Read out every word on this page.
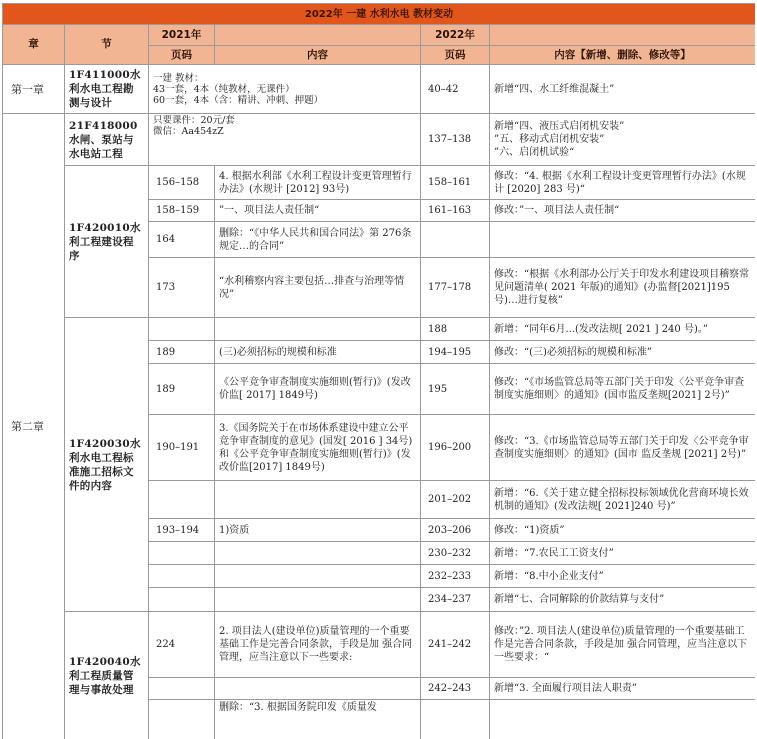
2022年 一建 水利水电 教材变动					
章	节	2021年		2022年	
		页码	内容	页码	内容【新增、删除、修改等】
第一章	1F411000水利水电工程勘测与设计	一建 教材：
43一套，4本（纯教材，无课件）
60一套，4本（含：精讲、冲刺、押题）		40–42	新增“四、水工纤维混凝土”
第二章	21F418000水闸、泵站与水电站工程	只要课件：20元/套
微信：Aa454zZ		137–138	新增“四、液压式启闭机安装”
”五、移动式启闭机安装”
”六、启闭机试验“

	1F420010水利工程建设程序	156–158	4. 根据水利部《水利工程设计变更管理暂行办法》(水规计 [2012] 93号)	158–161	修改：“4. 根据《水利工程设计变更管理暂行办法》(水规计 [2020] 283 号)“
		158–159	”一、项目法人责任制“	161–163	修改：”一、项目法人责任制“
		164	删除：“《中华人民共和国合同法》第 276条规定…的合同”		
		173	“水利稽察内容主要包括…排查与治理等情况”	177–178	修改：“根据《水利部办公厅关于印发水利建设项目稽察常见问题清单( 2021 年版)的通知》(办监督[2021]195 号)…进行复核”
	1F420030水利水电工程标准施工招标文件的内容			188	新增：“同年6月...(发改法规[ 2021 ] 240 号)。”
		189	(三)必须招标的规模和标准	194–195	修改：“(三)必须招标的规模和标准”
		189	《公平竞争审查制度实施细则(暂行)》(发改价监[ 2017] 1849号)	195	修改：“《市场监管总局等五部门关于印发〈公平竞争审查制度实施细则〉的通知》(国市监反垄规[2021] 2号)”
		190–191	3.《国务院关于在市场体系建设中建立公平竞争审查制度的意见》(国发[ 2016 ] 34号)和《公平竞争审查制度实施细则(暂行)》(发改价监[2017] 1849号)	196–200	修改：“3.《市场监管总局等五部门关于印发〈公平竞争审查制度实施细则〉的通知》(国市 监反垄规 [2021] 2号)”
				201–202	新增：“6.《关于建立健全招标投标领域优化营商环境长效机制的通知》(发改法规[ 2021]240 号)”
		193–194	1)资质	203–206	修改：“1)资质”
				230–232	新增：“7.农民工工资支付”
				232–233	新增：“8.中小企业支付”
				234–237	新增“七、合同解除的价款结算与支付”
	1F420040水利工程质量管理与事故处理	224	2. 项目法人(建设单位)质量管理的一个重要基础工作是完善合同条款，手段是加 强合同管理，应当注意以下一些要求:	241–242	修改：”2. 项目法人(建设单位)质量管理的一个重要基础工作是完善合同条款，手段是加 强合同管理，应当注意以下一些要求：“
				242–243	新增“3. 全面履行项目法人职责”
			删除：“3. 根据国务院印发《质量发		
